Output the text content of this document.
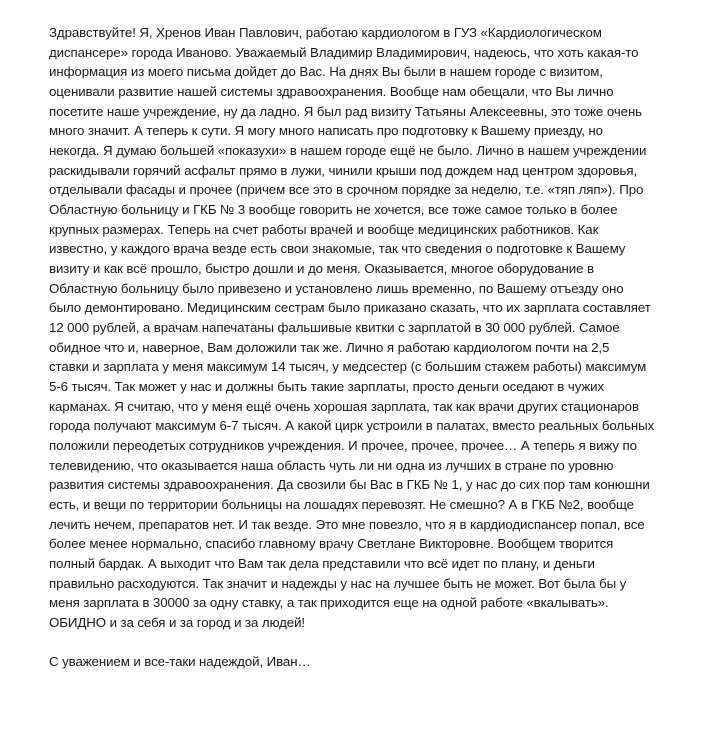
Здравствуйте! Я, Хренов Иван Павлович, работаю кардиологом в ГУЗ «Кардиологическом
диспансере» города Иваново. Уважаемый Владимир Владимирович, надеюсь, что хоть какая-то
информация из моего письма дойдет до Вас. На днях Вы были в нашем городе с визитом,
оценивали развитие нашей системы здравоохранения. Вообще нам обещали, что Вы лично
посетите наше учреждение, ну да ладно. Я был рад визиту Татьяны Алексеевны, это тоже очень
много значит. А теперь к сути. Я могу много написать про подготовку к Вашему приезду, но
некогда. Я думаю большей «показухи» в нашем городе ещё не было. Лично в нашем учреждении
раскидывали горячий асфальт прямо в лужи, чинили крыши под дождем над центром здоровья,
отделывали фасады и прочее (причем все это в срочном порядке за неделю, т.е. «тяп ляп»). Про
Областную больницу и ГКБ № 3 вообще говорить не хочется, все тоже самое только в более
крупных размерах. Теперь на счет работы врачей и вообще медицинских работников. Как
известно, у каждого врача везде есть свои знакомые, так что сведения о подготовке к Вашему
визиту и как всё прошло, быстро дошли и до меня. Оказывается, многое оборудование в
Областную больницу было привезено и установлено лишь временно, по Вашему отъезду оно
было демонтировано. Медицинским сестрам было приказано сказать, что их зарплата составляет
12 000 рублей, а врачам напечатаны фальшивые квитки с зарплатой в 30 000 рублей. Самое
обидное что и, наверное, Вам доложили так же. Лично я работаю кардиологом почти на 2,5
ставки и зарплата у меня максимум 14 тысяч, у медсестер (с большим стажем работы) максимум
5-6 тысяч. Так может у нас и должны быть такие зарплаты, просто деньги оседают в чужих
карманах. Я считаю, что у меня ещё очень хорошая зарплата, так как врачи других стационаров
города получают максимум 6-7 тысяч. А какой цирк устроили в палатах, вместо реальных больных
положили переодетых сотрудников учреждения. И прочее, прочее, прочее… А теперь я вижу по
телевидению, что оказывается наша область чуть ли ни одна из лучших в стране по уровню
развития системы здравоохранения. Да свозили бы Вас в ГКБ № 1, у нас до сих пор там конюшни
есть, и вещи по территории больницы на лошадях перевозят. Не смешно? А в ГКБ №2, вообще
лечить нечем, препаратов нет. И так везде. Это мне повезло, что я в кардиодиспансер попал, все
более менее нормально, спасибо главному врачу Светлане Викторовне. Вообщем творится
полный бардак. А выходит что Вам так дела представили что всё идет по плану, и деньги
правильно расходуются. Так значит и надежды у нас на лучшее быть не может. Вот была бы у
меня зарплата в 30000 за одну ставку, а так приходится еще на одной работе «вкалывать».
ОБИДНО и за себя и за город и за людей!
С уважением и все-таки надеждой, Иван…
